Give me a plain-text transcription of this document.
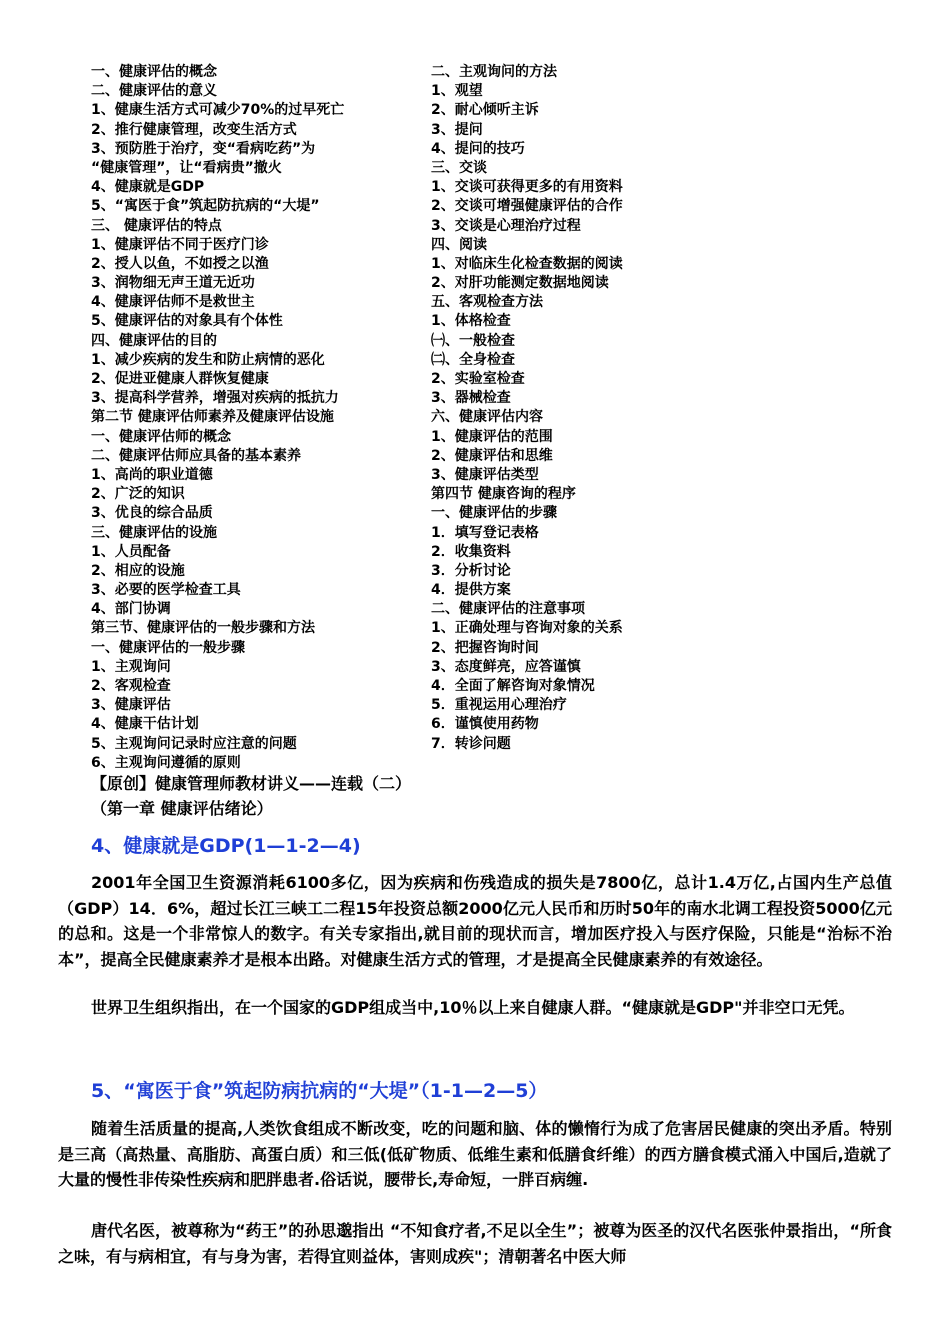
一、健康评估的概念
二、健康评估的意义
1、健康生活方式可减少70%的过早死亡
2、推行健康管理，改变生活方式
3、预防胜于治疗，变“看病吃药”为
“健康管理”，让“看病贵”撤火
4、健康就是GDP
5、“寓医于食”筑起防抗病的“大堤”
三、 健康评估的特点
1、健康评估不同于医疗门诊
2、授人以鱼，不如授之以渔
3、润物细无声王道无近功
4、健康评估师不是救世主
5、健康评估的对象具有个体性
四、健康评估的目的
1、减少疾病的发生和防止病情的恶化
2、促进亚健康人群恢复健康
3、提高科学营养，增强对疾病的抵抗力
第二节 健康评估师素养及健康评估设施
一、健康评估师的概念
二、健康评估师应具备的基本素养
1、高尚的职业道德
2、广泛的知识
3、优良的综合品质
三、健康评估的设施
1、人员配备
2、相应的设施
3、必要的医学检查工具
4、部门协调
第三节、健康评估的一般步骤和方法
一、健康评估的一般步骤
1、主观询问
2、客观检查
3、健康评估
4、健康干估计划
5、主观询问记录时应注意的问题
6、主观询问遵循的原则
二、主观询问的方法
1、观望
2、耐心倾听主诉
3、提问
4、提问的技巧
三、交谈
1、交谈可获得更多的有用资料
2、交谈可增强健康评估的合作
3、交谈是心理治疗过程
四、阅读
1、对临床生化检查数据的阅读
2、对肝功能测定数据地阅读
五、客观检查方法
1、体格检查
㈠、一般检查
㈡、全身检查
2、实验室检查
3、器械检查
六、健康评估内容
1、健康评估的范围
2、健康评估和思维
3、健康评估类型
第四节 健康咨询的程序
一、健康评估的步骤
1．填写登记表格
2．收集资料
3．分析讨论
4．提供方案
二、健康评估的注意事项
1、正确处理与咨询对象的关系
2、把握咨询时间
3、态度鲜亮，应答谨慎
4．全面了解咨询对象情况
5．重视运用心理治疗
6．谨慎使用药物
7．转诊问题
【原创】健康管理师教材讲义——连载（二）
（第一章 健康评估绪论）
4、健康就是GDP(1—1-2—4)

2001年全国卫生资源消耗6100多亿，因为疾病和伤残造成的损失是7800亿，总计1.4万亿,占国内生产总值（GDP）14．6%，超过长江三峡工二程15年投资总额2000亿元人民币和历时50年的南水北调工程投资5000亿元的总和。这是一个非常惊人的数字。有关专家指出,就目前的现状而言，增加医疗投入与医疗保险，只能是“治标不治本”，提高全民健康素养才是根本出路。对健康生活方式的管理，才是提高全民健康素养的有效途径。

世界卫生组织指出，在一个国家的GDP组成当中,10％以上来自健康人群。“健康就是GDP"并非空口无凭。

5、“寓医于食”筑起防病抗病的“大堤”（1-1—2—5）

随着生活质量的提高,人类饮食组成不断改变，吃的问题和脑、体的懒惰行为成了危害居民健康的突出矛盾。特别是三高（高热量、高脂肪、高蛋白质）和三低(低矿物质、低维生素和低膳食纤维）的西方膳食模式涌入中国后,造就了大量的慢性非传染性疾病和肥胖患者.俗话说，腰带长,寿命短，一胖百病缠.

唐代名医，被尊称为“药王”的孙思邈指出 “不知食疗者,不足以全生”；被尊为医圣的汉代名医张仲景指出，“所食之味，有与病相宜，有与身为害，若得宜则益体，害则成疾"；清朝著名中医大师
